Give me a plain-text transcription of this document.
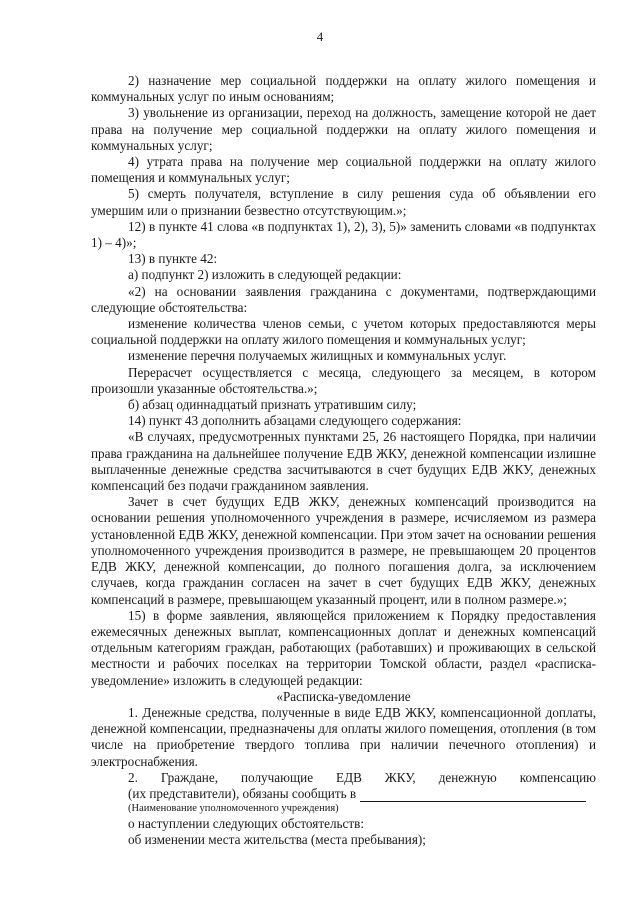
4

2) назначение мер социальной поддержки на оплату жилого помещения и коммунальных услуг по иным основаниям;

3) увольнение из организации, переход на должность, замещение которой не дает права на получение мер социальной поддержки на оплату жилого помещения и коммунальных услуг;

4) утрата права на получение мер социальной поддержки на оплату жилого помещения и коммунальных услуг;

5) смерть получателя, вступление в силу решения суда об объявлении его умершим или о признании безвестно отсутствующим.»;

12) в пункте 41 слова «в подпунктах 1), 2), 3), 5)» заменить словами «в подпунктах 1) – 4)»;

13) в пункте 42:

а) подпункт 2) изложить в следующей редакции:

«2) на основании заявления гражданина с документами, подтверждающими следующие обстоятельства:

изменение количества членов семьи, с учетом которых предоставляются меры социальной поддержки на оплату жилого помещения и коммунальных услуг;

изменение перечня получаемых жилищных и коммунальных услуг.

Перерасчет осуществляется с месяца, следующего за месяцем, в котором произошли указанные обстоятельства.»;

б) абзац одиннадцатый признать утратившим силу;

14) пункт 43 дополнить абзацами следующего содержания:

«В случаях, предусмотренных пунктами 25, 26 настоящего Порядка, при наличии права гражданина на дальнейшее получение ЕДВ ЖКУ, денежной компенсации излишне выплаченные денежные средства засчитываются в счет будущих ЕДВ ЖКУ, денежных компенсаций без подачи гражданином заявления.

Зачет в счет будущих ЕДВ ЖКУ, денежных компенсаций производится на основании решения уполномоченного учреждения в размере, исчисляемом из размера установленной ЕДВ ЖКУ, денежной компенсации. При этом зачет на основании решения уполномоченного учреждения производится в размере, не превышающем 20 процентов ЕДВ ЖКУ, денежной компенсации, до полного погашения долга, за исключением случаев, когда гражданин согласен на зачет в счет будущих ЕДВ ЖКУ, денежных компенсаций в размере, превышающем указанный процент, или в полном размере.»;

15) в форме заявления, являющейся приложением к Порядку предоставления ежемесячных денежных выплат, компенсационных доплат и денежных компенсаций отдельным категориям граждан, работающих (работавших) и проживающих в сельской местности и рабочих поселках на территории Томской области, раздел «расписка-уведомление» изложить в следующей редакции:

«Расписка-уведомление

1. Денежные средства, полученные в виде ЕДВ ЖКУ, компенсационной доплаты, денежной компенсации, предназначены для оплаты жилого помещения, отопления (в том числе на приобретение твердого топлива при наличии печечного отопления) и электроснабжения.

2. Граждане, получающие ЕДВ ЖКУ, денежную компенсацию

(их представители), обязаны сообщить в

(Наименование уполномоченного учреждения)

о наступлении следующих обстоятельств:

об изменении места жительства (места пребывания);
